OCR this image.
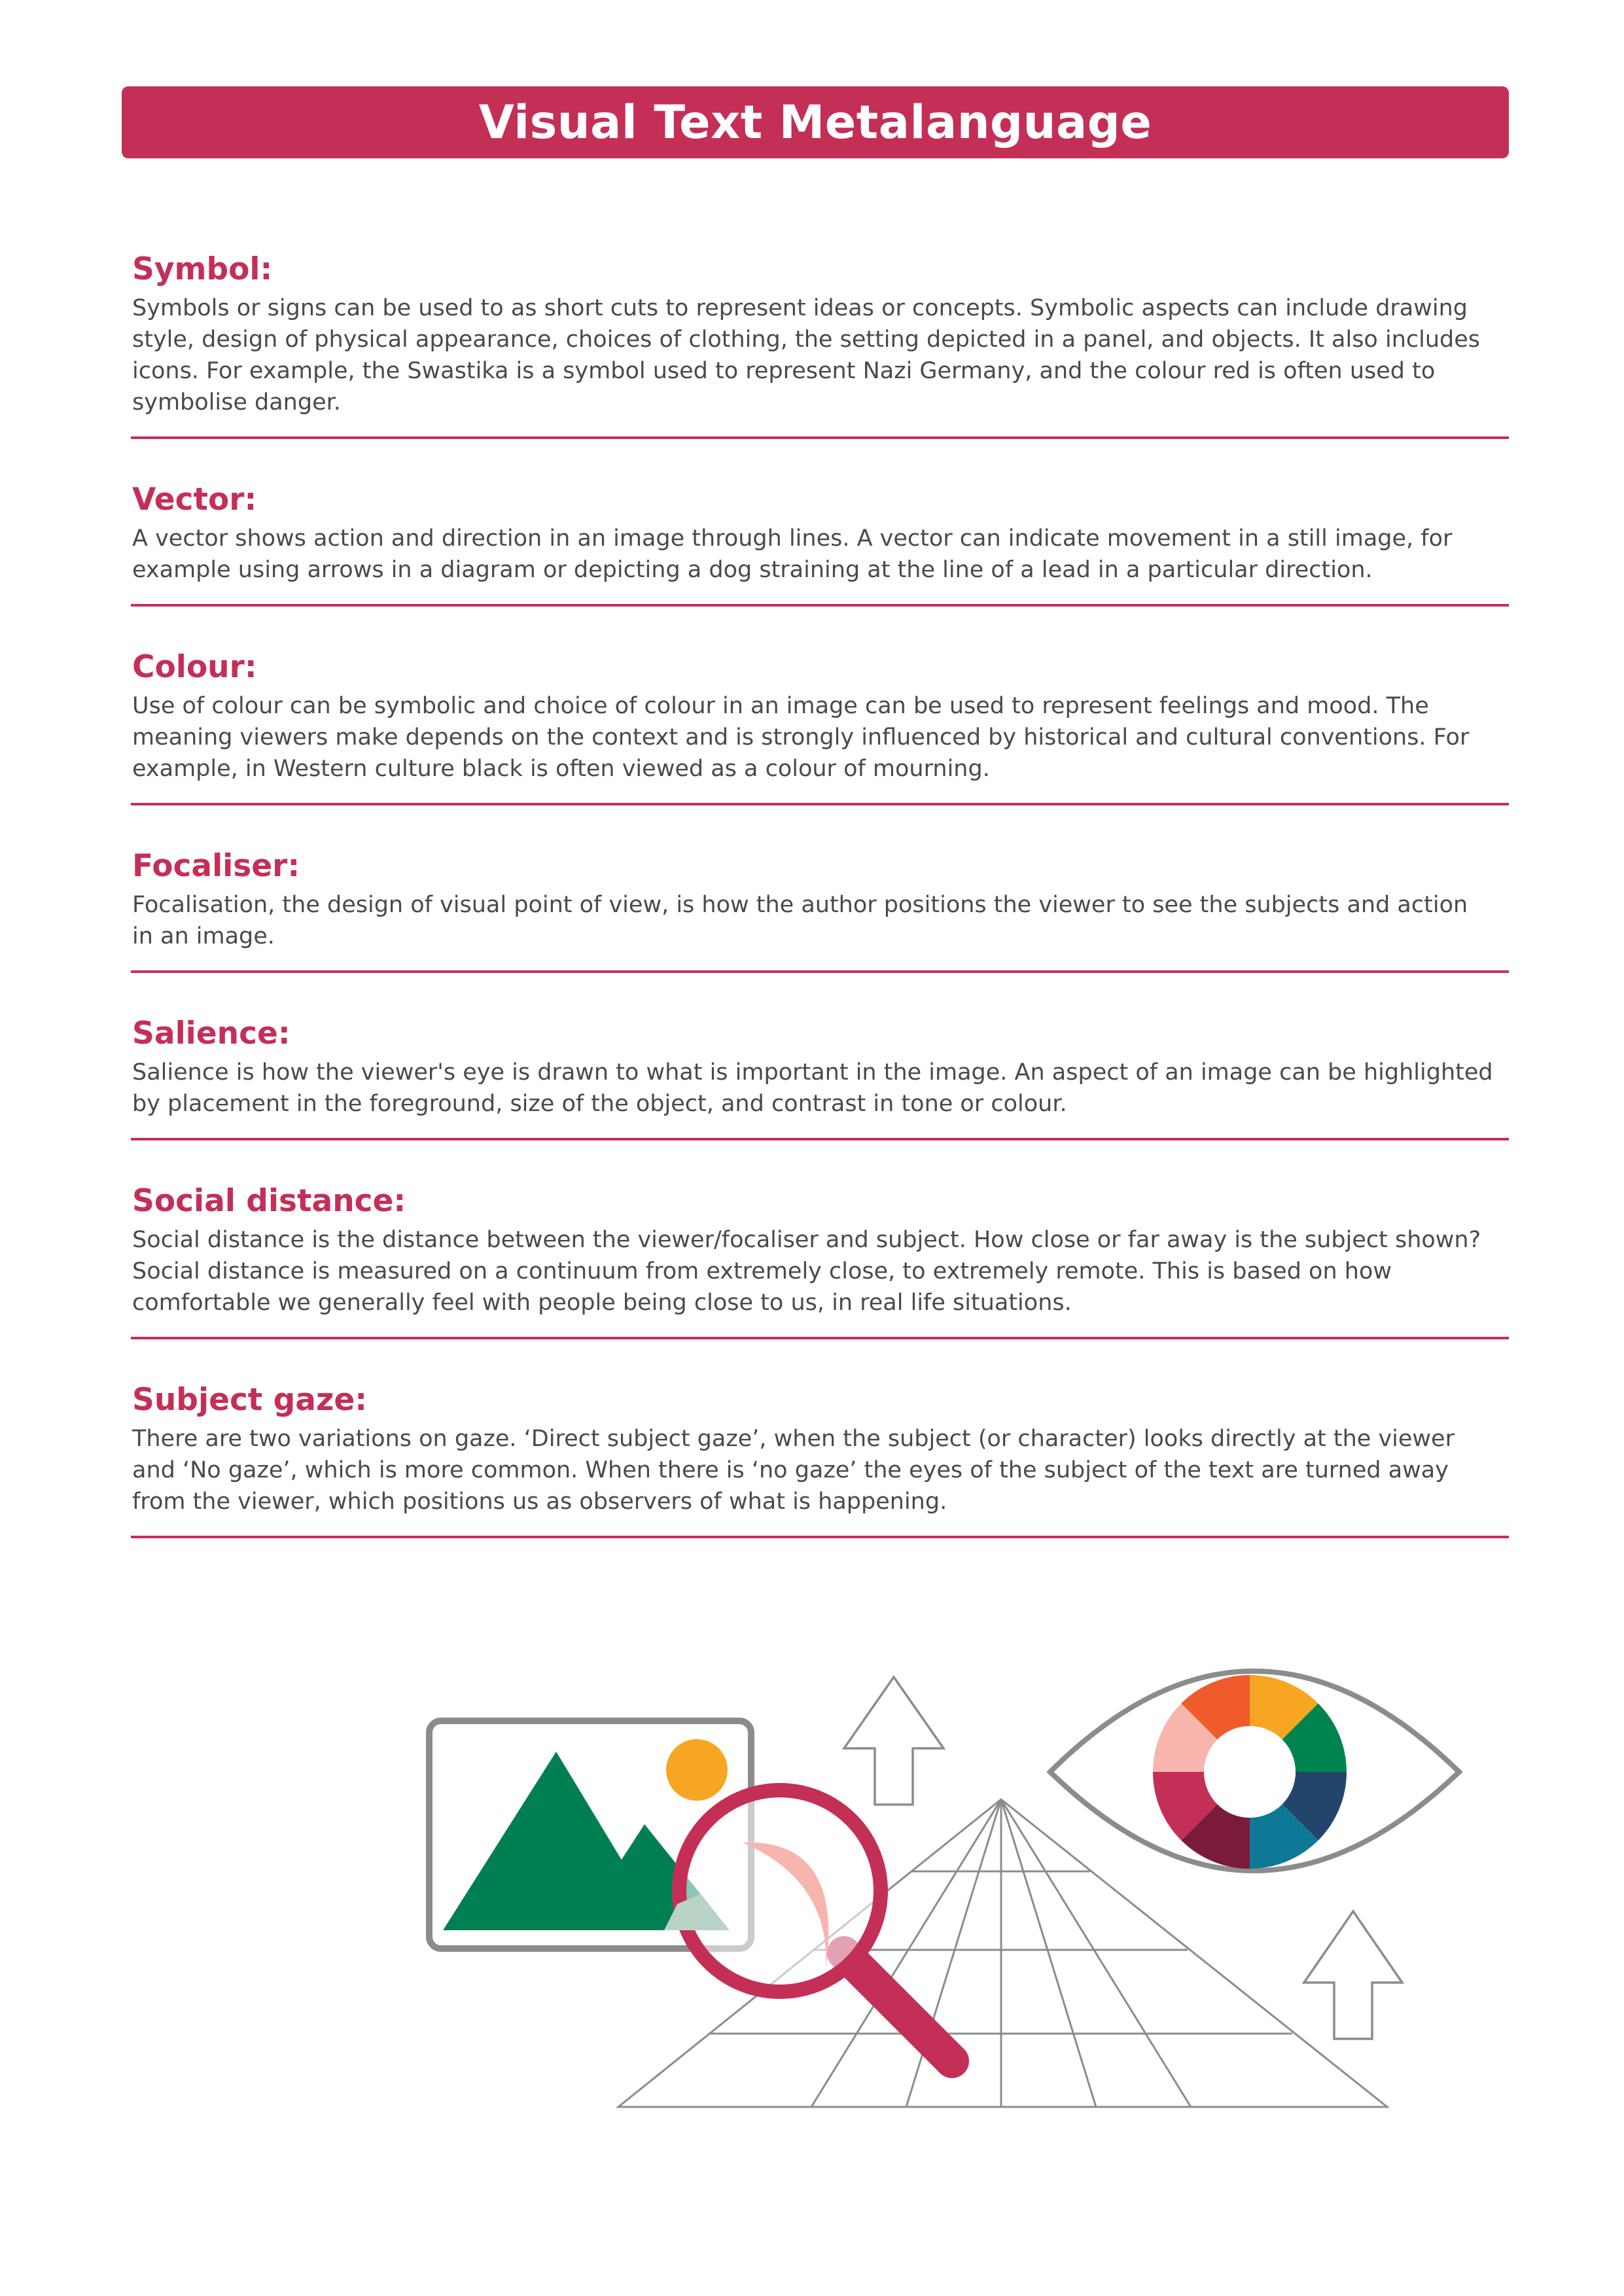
Visual Text Metalanguage
Symbol:

Symbols or signs can be used to as short cuts to represent ideas or concepts. Symbolic aspects can include drawing style, design of physical appearance, choices of clothing, the setting depicted in a panel, and objects. It also includes icons. For example, the Swastika is a symbol used to represent Nazi Germany, and the colour red is often used to symbolise danger.

Vector:

A vector shows action and direction in an image through lines. A vector can indicate movement in a still image, for example using arrows in a diagram or depicting a dog straining at the line of a lead in a particular direction.

Colour:

Use of colour can be symbolic and choice of colour in an image can be used to represent feelings and mood. The meaning viewers make depends on the context and is strongly influenced by historical and cultural conventions. For example, in Western culture black is often viewed as a colour of mourning.

Focaliser:

Focalisation, the design of visual point of view, is how the author positions the viewer to see the subjects and action in an image.

Salience:

Salience is how the viewer's eye is drawn to what is important in the image. An aspect of an image can be highlighted by placement in the foreground, size of the object, and contrast in tone or colour.

Social distance:

Social distance is the distance between the viewer/focaliser and subject. How close or far away is the subject shown? Social distance is measured on a continuum from extremely close, to extremely remote. This is based on how comfortable we generally feel with people being close to us, in real life situations.

Subject gaze:

There are two variations on gaze. ‘Direct subject gaze’, when the subject (or character) looks directly at the viewer and ‘No gaze’, which is more common. When there is ‘no gaze’ the eyes of the subject of the text are turned away from the viewer, which positions us as observers of what is happening.
